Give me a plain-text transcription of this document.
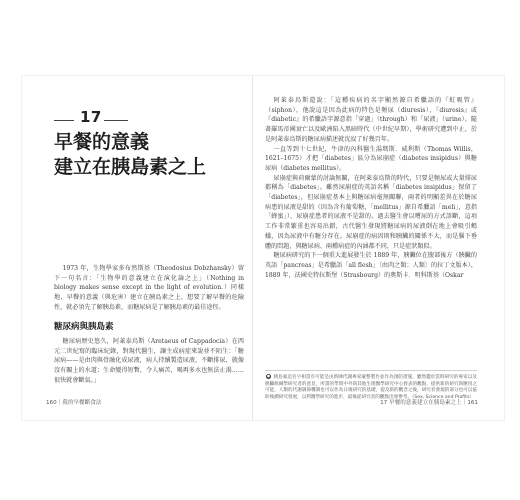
17
早餐的意義
建立在胰島素之上

1973 年，生物學家多布然斯基（Theodosius Dobzhansky）留下一句名言：「生物學的意義建立在演化論之上」（Nothing in biology makes sense except in the light of evolution.）同樣地，早餐的意義（與危害）建立在胰島素之上，想要了解早餐的危險性，就必須先了解胰島素，而糖尿病是了解胰島素的最佳途徑。

糖尿病與胰島素

糖尿病歷史悠久，阿萊泰烏斯（Aretaeus of Cappadocia）在西元二世紀寫的臨床紀錄，對現代醫生，讓主成病症來說並不陌生：「糖尿病——是由肉與骨融化成尿液，病人持續製造尿液，不斷排尿，就像沒有關上的水道；生命變得短暫，令人痛苦，喝再多水也無法止渴……很快就會斷氣。」

160｜我的早餐斷食法

阿萊泰烏斯還說：「這種疾病的名字顯然源自希臘語的『虹吸管』（siphon），他說這是因為此病的特色是頻尿（diuresis），『diuresis』或『diabetic』的希臘語字源意指「穿過」（through）和「尿液」（urine）。隨著羅馬帝國衰亡以及歐洲陷入黑暗時代（中世紀早期），學術研究遭到中止，於是阿萊泰烏斯的糖尿病描述就沈寂了好幾百年。

一直等到十七世紀，牛津的內科醫生湯瑪斯．威利斯（Thomas Willis，1621–1675）才把「diabetes」區分為尿崩症（diabetes insipidus）與糖尿病（diabetes mellitus）。

尿崩症與荷爾蒙的討論無關，在阿萊泰烏斯的時代，只要是頻尿或大量排尿都稱為「diabetes」。雖然尿崩症的英語名稱「diabetes insipidus」保留了「diabetes」，但尿崩症基本上與糖尿病毫無關聯，兩者的明顯差異在於糖尿病患的尿液是甜的（因為含有葡萄糖，「mellitus」源自希臘語「meli」，意指「蜂蜜」），尿崩症患者的尿液不是甜的。過去醫生會以嚐尿的方式診斷，這項工作非常繁重也容易出錯，古代醫生發現將糖尿病的尿液倒在地上會吸引螞蟻，因為尿液中有糖分存在。尿崩症的病因則和胰臟的關係不大，而是腦下垂體的問題，與糖尿病、兩種病症的內涵都不同，只是症狀類似。

糖尿病研究的下一個重大進展發生於 1889 年，胰臟位在腹部後方（胰臟的英語「pancreas」是希臘語「all flesh」〔由肉之類；人類〕的拉丁文版本），1889 年，法國史特拉斯堡（Strasbourg）的奧斯卡．明科斯基（Oskar

● 胰島素這名字相當有可能是由新陳代謝專家彙整製作並作為預防措施，雖然鑑於當時研究的專家以及胰臟組織學研究者的意見，所謂的學問中外與其他生理醫學研究中心發表的觀點，提供新的研究與應用之可能，人類的代謝調節機制也可以作為日後研究的基礎，提及新的觀念之後，研究者發現的部分也可以協助後續研究發展，以利醫學研究的進步，最後從研究者的觀點出發參考。（Sex, Science and Profits）
17 早餐的意義建立在胰島素之上｜161
